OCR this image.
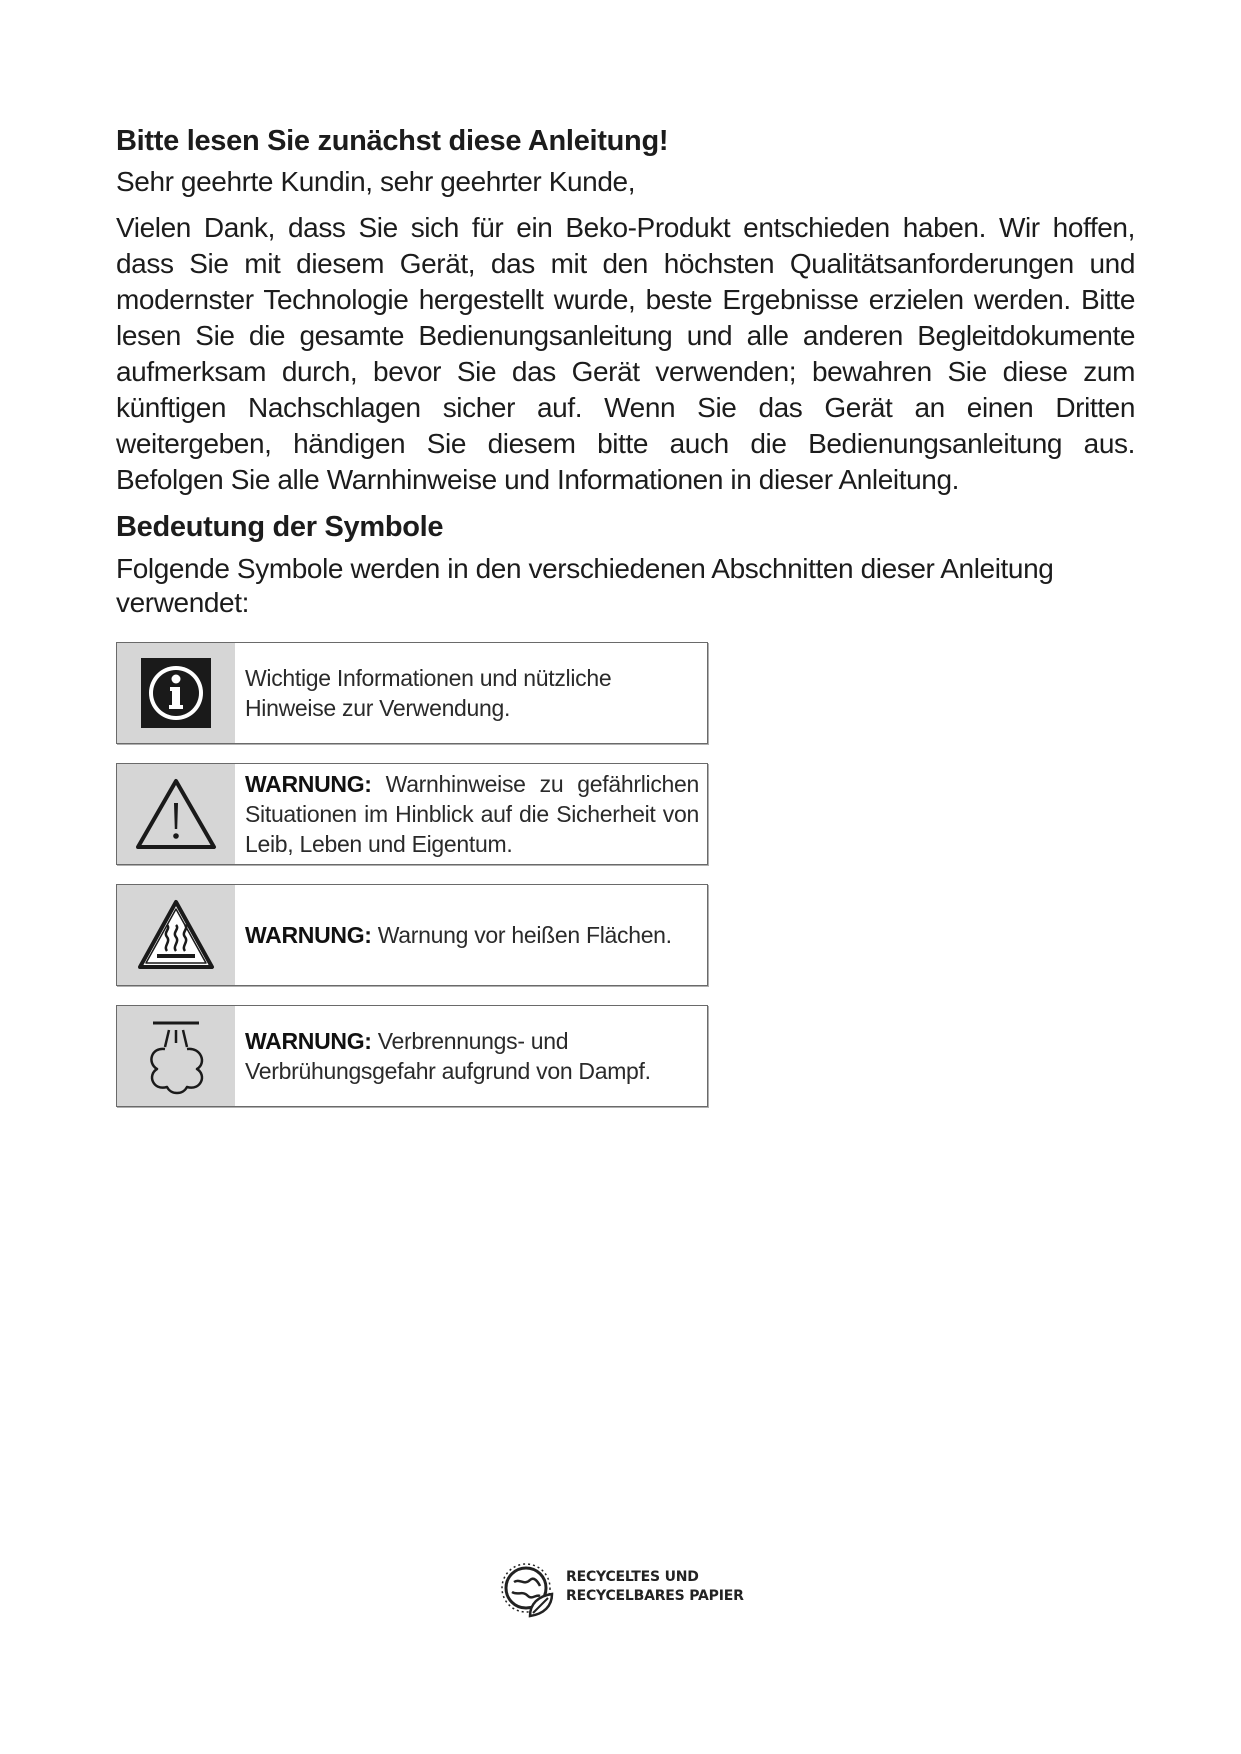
Bitte lesen Sie zunächst diese Anleitung!

Sehr geehrte Kundin, sehr geehrter Kunde,

Vielen Dank, dass Sie sich für ein Beko-Produkt entschieden haben. Wir hoffen, dass Sie mit diesem Gerät, das mit den höchsten Qualitätsanforderungen und modernster Technologie hergestellt wurde, beste Ergebnisse erzielen werden. Bitte lesen Sie die gesamte Bedienungsanleitung und alle anderen Begleitdokumente aufmerksam durch, bevor Sie das Gerät verwenden; bewahren Sie diese zum künftigen Nachschlagen sicher auf. Wenn Sie das Gerät an einen Dritten weitergeben, händigen Sie diesem bitte auch die Bedienungsanleitung aus. Befolgen Sie alle Warnhinweise und Informationen in dieser Anleitung.

Bedeutung der Symbole

Folgende Symbole werden in den verschiedenen Abschnitten dieser Anleitung verwendet:

Wichtige Informationen und nützliche Hinweise zur Verwendung.
WARNUNG: Warnhinweise zu gefährlichen Situationen im Hinblick auf die Sicherheit von Leib, Leben und Eigentum.
WARNUNG: Warnung vor heißen Flächen.
WARNUNG: Verbrennungs- und Verbrühungsgefahr aufgrund von Dampf.
RECYCELTES UND
RECYCELBARES PAPIER
